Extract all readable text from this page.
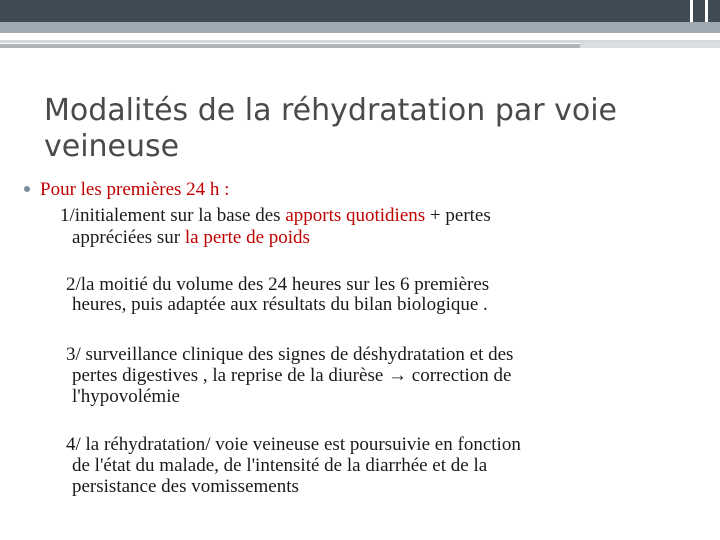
Modalités de la réhydratation par voie veineuse
Pour les premières 24 h :
1/initialement sur la base des apports quotidiens + pertes
appréciées sur la perte de poids
2/la moitié du volume des 24 heures sur les 6 premières
heures, puis adaptée aux résultats du bilan biologique .
3/ surveillance clinique des signes de déshydratation et des
pertes digestives , la reprise de la diurèse → correction de
l'hypovolémie
4/ la réhydratation/ voie veineuse est poursuivie en fonction
de l'état du malade, de l'intensité de la diarrhée et de la
persistance des vomissements
